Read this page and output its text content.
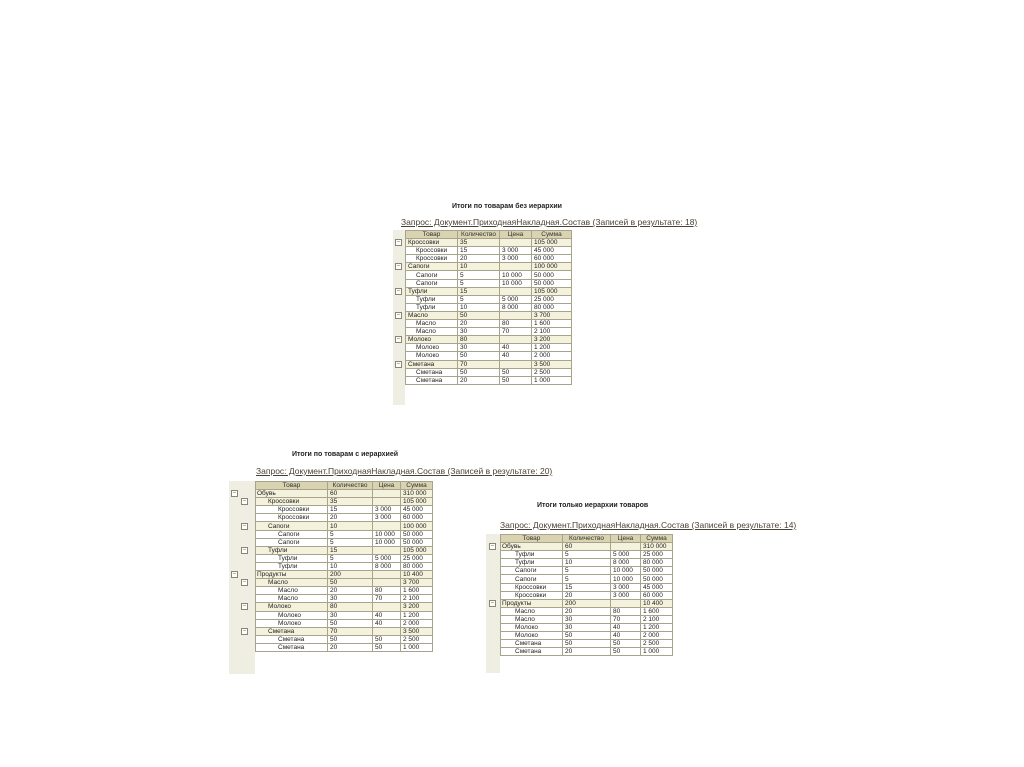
Итоги по товарам без иерархии
Запрос: Документ.ПриходнаяНакладная.Состав (Записей в результате: 18)
Товар	Количество	Цена	Сумма
Кроссовки	35		105 000
Кроссовки	15	3 000	45 000
Кроссовки	20	3 000	60 000
Сапоги	10		100 000
Сапоги	5	10 000	50 000
Сапоги	5	10 000	50 000
Туфли	15		105 000
Туфли	5	5 000	25 000
Туфли	10	8 000	80 000
Масло	50		3 700
Масло	20	80	1 600
Масло	30	70	2 100
Молоко	80		3 200
Молоко	30	40	1 200
Молоко	50	40	2 000
Сметана	70		3 500
Сметана	50	50	2 500
Сметана	20	50	1 000
Итоги по товарам с иерархией
Запрос: Документ.ПриходнаяНакладная.Состав (Записей в результате: 20)
Товар	Количество	Цена	Сумма
Обувь	60		310 000
Кроссовки	35		105 000
Кроссовки	15	3 000	45 000
Кроссовки	20	3 000	60 000
Сапоги	10		100 000
Сапоги	5	10 000	50 000
Сапоги	5	10 000	50 000
Туфли	15		105 000
Туфли	5	5 000	25 000
Туфли	10	8 000	80 000
Продукты	200		10 400
Масло	50		3 700
Масло	20	80	1 600
Масло	30	70	2 100
Молоко	80		3 200
Молоко	30	40	1 200
Молоко	50	40	2 000
Сметана	70		3 500
Сметана	50	50	2 500
Сметана	20	50	1 000
Итоги только иерархии товаров
Запрос: Документ.ПриходнаяНакладная.Состав (Записей в результате: 14)
Товар	Количество	Цена	Сумма
Обувь	60		310 000
Туфли	5	5 000	25 000
Туфли	10	8 000	80 000
Сапоги	5	10 000	50 000
Сапоги	5	10 000	50 000
Кроссовки	15	3 000	45 000
Кроссовки	20	3 000	60 000
Продукты	200		10 400
Масло	20	80	1 600
Масло	30	70	2 100
Молоко	30	40	1 200
Молоко	50	40	2 000
Сметана	50	50	2 500
Сметана	20	50	1 000
−
−
−
−
−
−
−
−
−
−
−
−
−
−
−
−
